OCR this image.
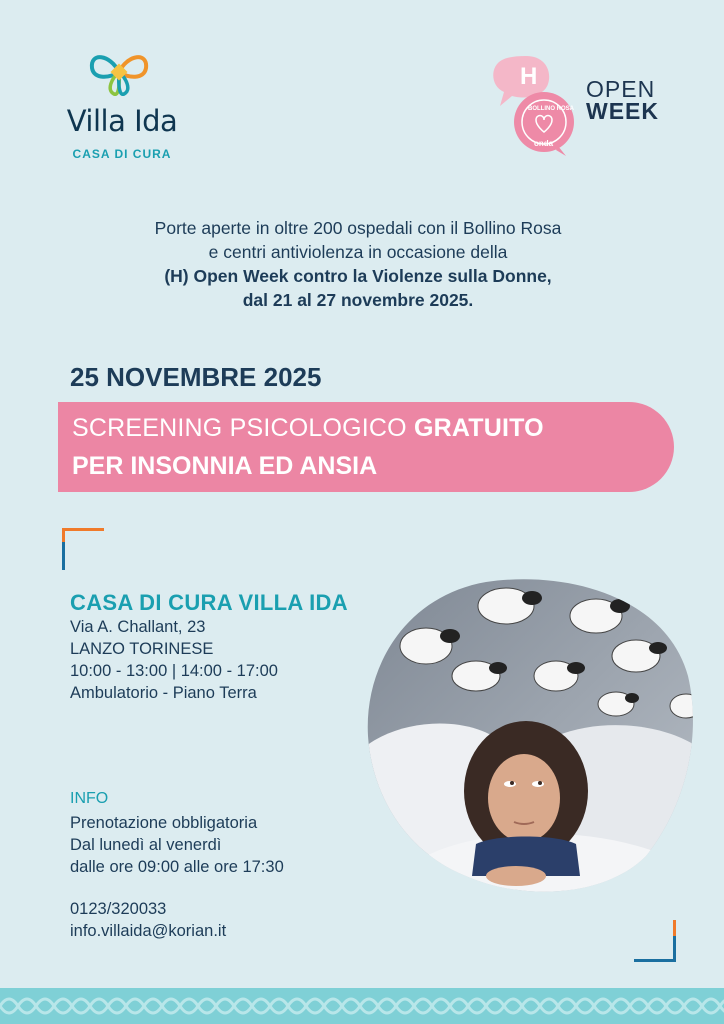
Villa Ida
CASA DI CURA
H
BOLLINO ROSA
onda
OPEN
WEEK
Porte aperte in oltre 200 ospedali con il Bollino Rosa
e centri antiviolenza in occasione della
(H) Open Week contro la Violenze sulla Donne,
dal 21 al 27 novembre 2025.
25 NOVEMBRE 2025
SCREENING PSICOLOGICO GRATUITO
PER INSONNIA ED ANSIA
CASA DI CURA VILLA IDA
Via A. Challant, 23
LANZO TORINESE
10:00 - 13:00 | 14:00 - 17:00
Ambulatorio - Piano Terra
INFO
Prenotazione obbligatoria
Dal lunedì al venerdì
dalle ore 09:00 alle ore 17:30
0123/320033
info.villaida@korian.it
